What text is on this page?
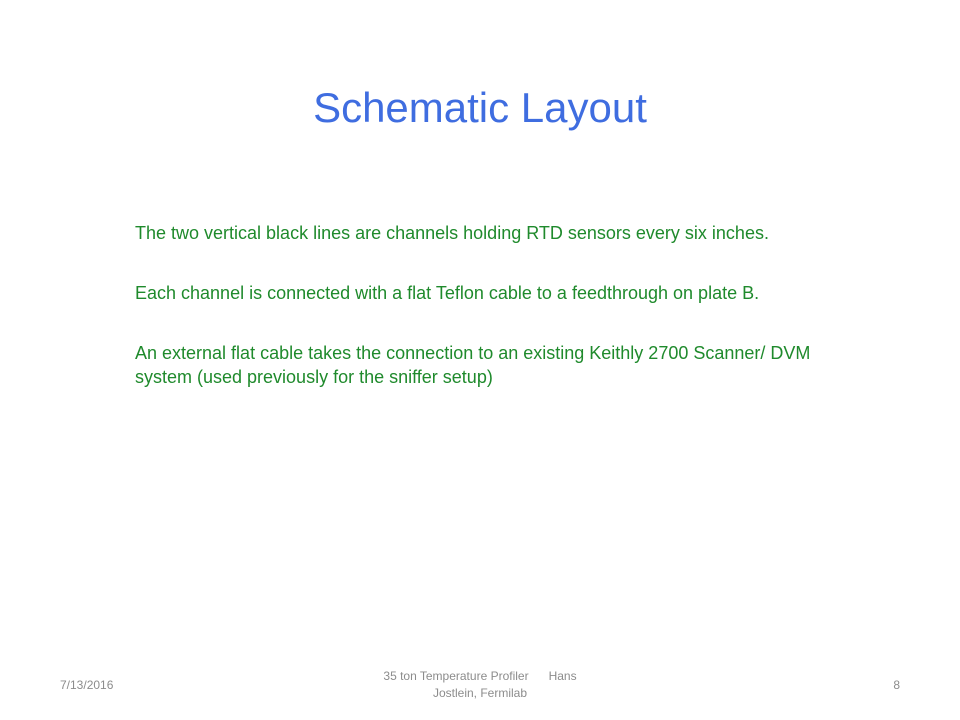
Schematic Layout

The two vertical black lines are channels holding RTD sensors every six inches.

Each channel is connected with a flat Teflon cable to a feedthrough on plate B.

An external flat cable takes the connection to an existing Keithly 2700 Scanner/ DVM system (used previously for the sniffer setup)

7/13/2016
35 ton Temperature Profiler      Hans
Jostlein, Fermilab
8
